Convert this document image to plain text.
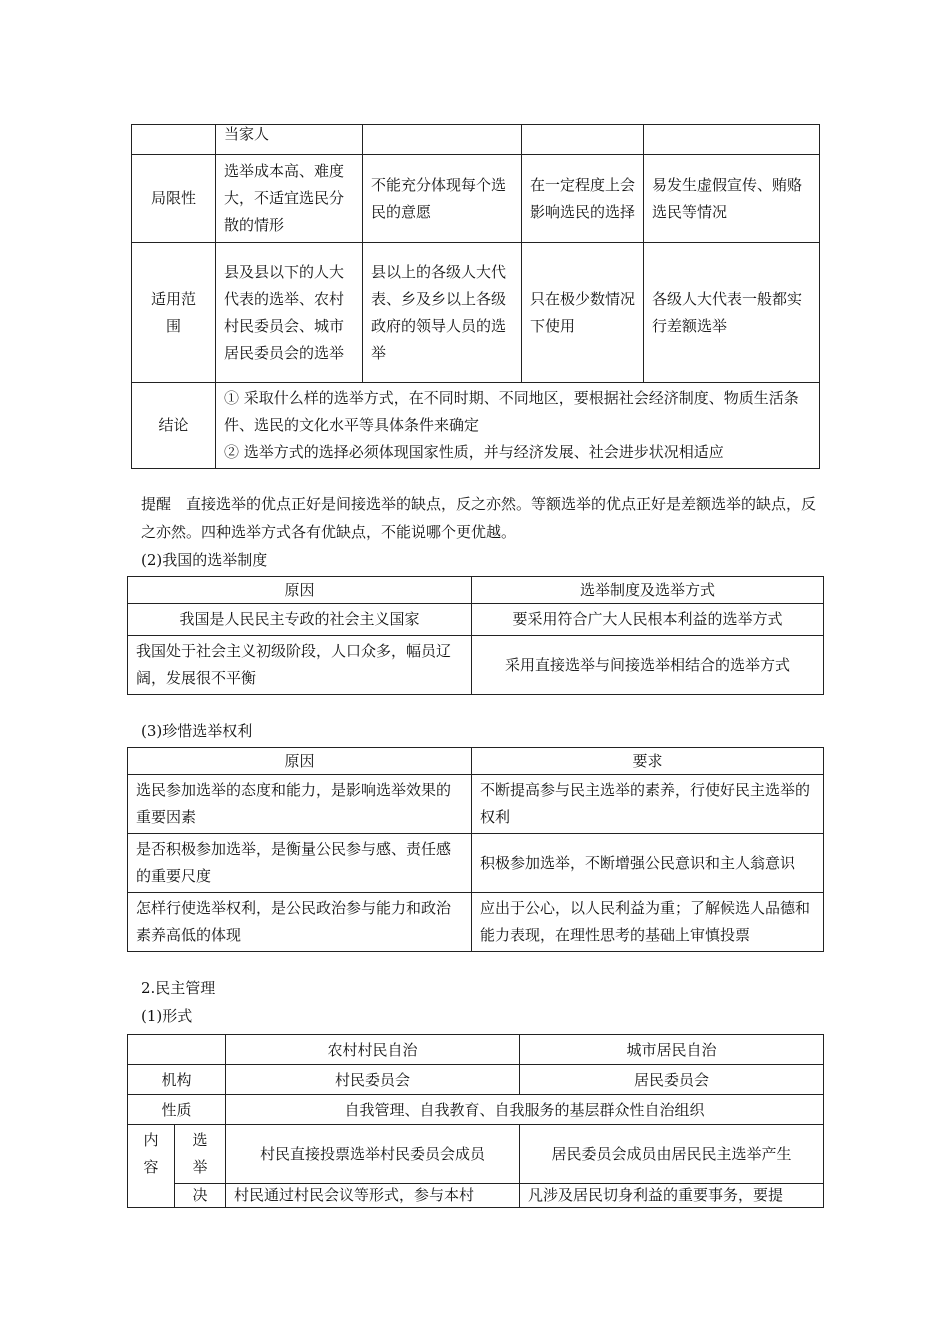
	当家人			
局限性	选举成本高、难度大，不适宜选民分散的情形	不能充分体现每个选民的意愿	在一定程度上会影响选民的选择	易发生虚假宣传、贿赂选民等情况
适用范围	县及县以下的人大代表的选举、农村村民委员会、城市居民委员会的选举	县以上的各级人大代表、乡及乡以上各级政府的领导人员的选举	只在极少数情况下使用	各级人大代表一般都实行差额选举
结论	① 采取什么样的选举方式，在不同时期、不同地区，要根据社会经济制度、物质生活条件、选民的文化水平等具体条件来确定
② 选举方式的选择必须体现国家性质，并与经济发展、社会进步状况相适应			

提醒　直接选举的优点正好是间接选举的缺点，反之亦然。等额选举的优点正好是差额选举的缺点，反之亦然。四种选举方式各有优缺点，不能说哪个更优越。

(2)我国的选举制度

原因	选举制度及选举方式
我国是人民民主专政的社会主义国家	要采用符合广大人民根本利益的选举方式
我国处于社会主义初级阶段，人口众多，幅员辽阔，发展很不平衡	采用直接选举与间接选举相结合的选举方式

(3)珍惜选举权利

原因	要求
选民参加选举的态度和能力，是影响选举效果的重要因素	不断提高参与民主选举的素养，行使好民主选举的权利
是否积极参加选举，是衡量公民参与感、责任感的重要尺度	积极参加选举，不断增强公民意识和主人翁意识
怎样行使选举权利，是公民政治参与能力和政治素养高低的体现	应出于公心，以人民利益为重；了解候选人品德和能力表现，在理性思考的基础上审慎投票

2.民主管理

(1)形式

		农村村民自治	城市居民自治
机构		村民委员会	居民委员会
性质		自我管理、自我教育、自我服务的基层群众性自治组织	
内容	选举	村民直接投票选举村民委员会成员	居民委员会成员由居民民主选举产生
	决	村民通过村民会议等形式，参与本村	凡涉及居民切身利益的重要事务，要提
